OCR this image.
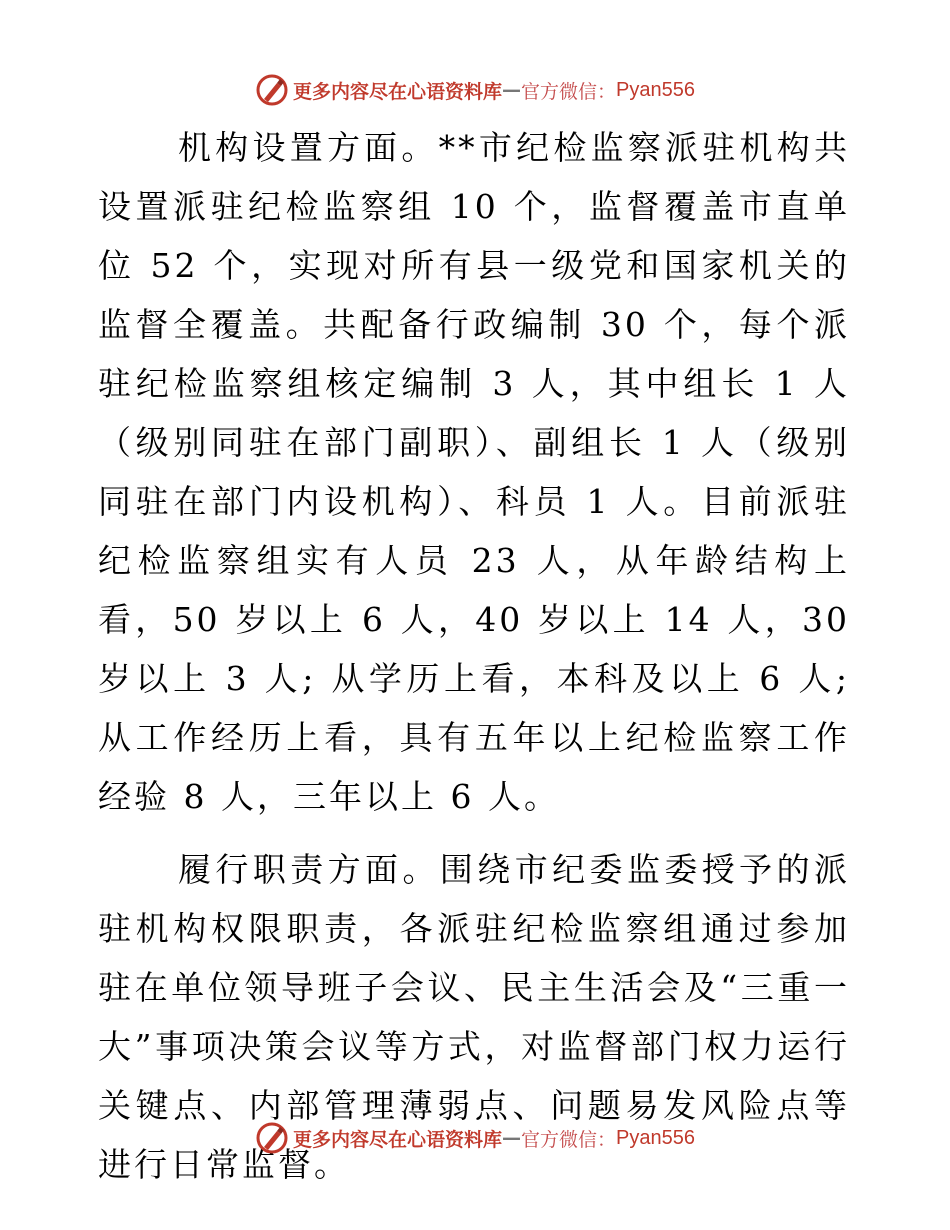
更多内容尽在心语资料库 — 官方微信： Pyan556

机构设置方面。**市纪检监察派驻机构共设置派驻纪检监察组 10 个，监督覆盖市直单位 52 个，实现对所有县一级党和国家机关的监督全覆盖。共配备行政编制 30 个，每个派驻纪检监察组核定编制 3 人，其中组长 1 人（级别同驻在部门副职）、副组长 1 人（级别同驻在部门内设机构）、科员 1 人。目前派驻纪检监察组实有人员 23 人，从年龄结构上看，50 岁以上 6 人，40 岁以上 14 人，30 岁以上 3 人; 从学历上看，本科及以上 6 人; 从工作经历上看，具有五年以上纪检监察工作经验 8 人，三年以上 6 人。

履行职责方面。围绕市纪委监委授予的派驻机构权限职责，各派驻纪检监察组通过参加驻在单位领导班子会议、民主生活会及“三重一大”事项决策会议等方式，对监督部门权力运行关键点、内部管理薄弱点、问题易发风险点等进行日常监督。

更多内容尽在心语资料库 — 官方微信： Pyan556
